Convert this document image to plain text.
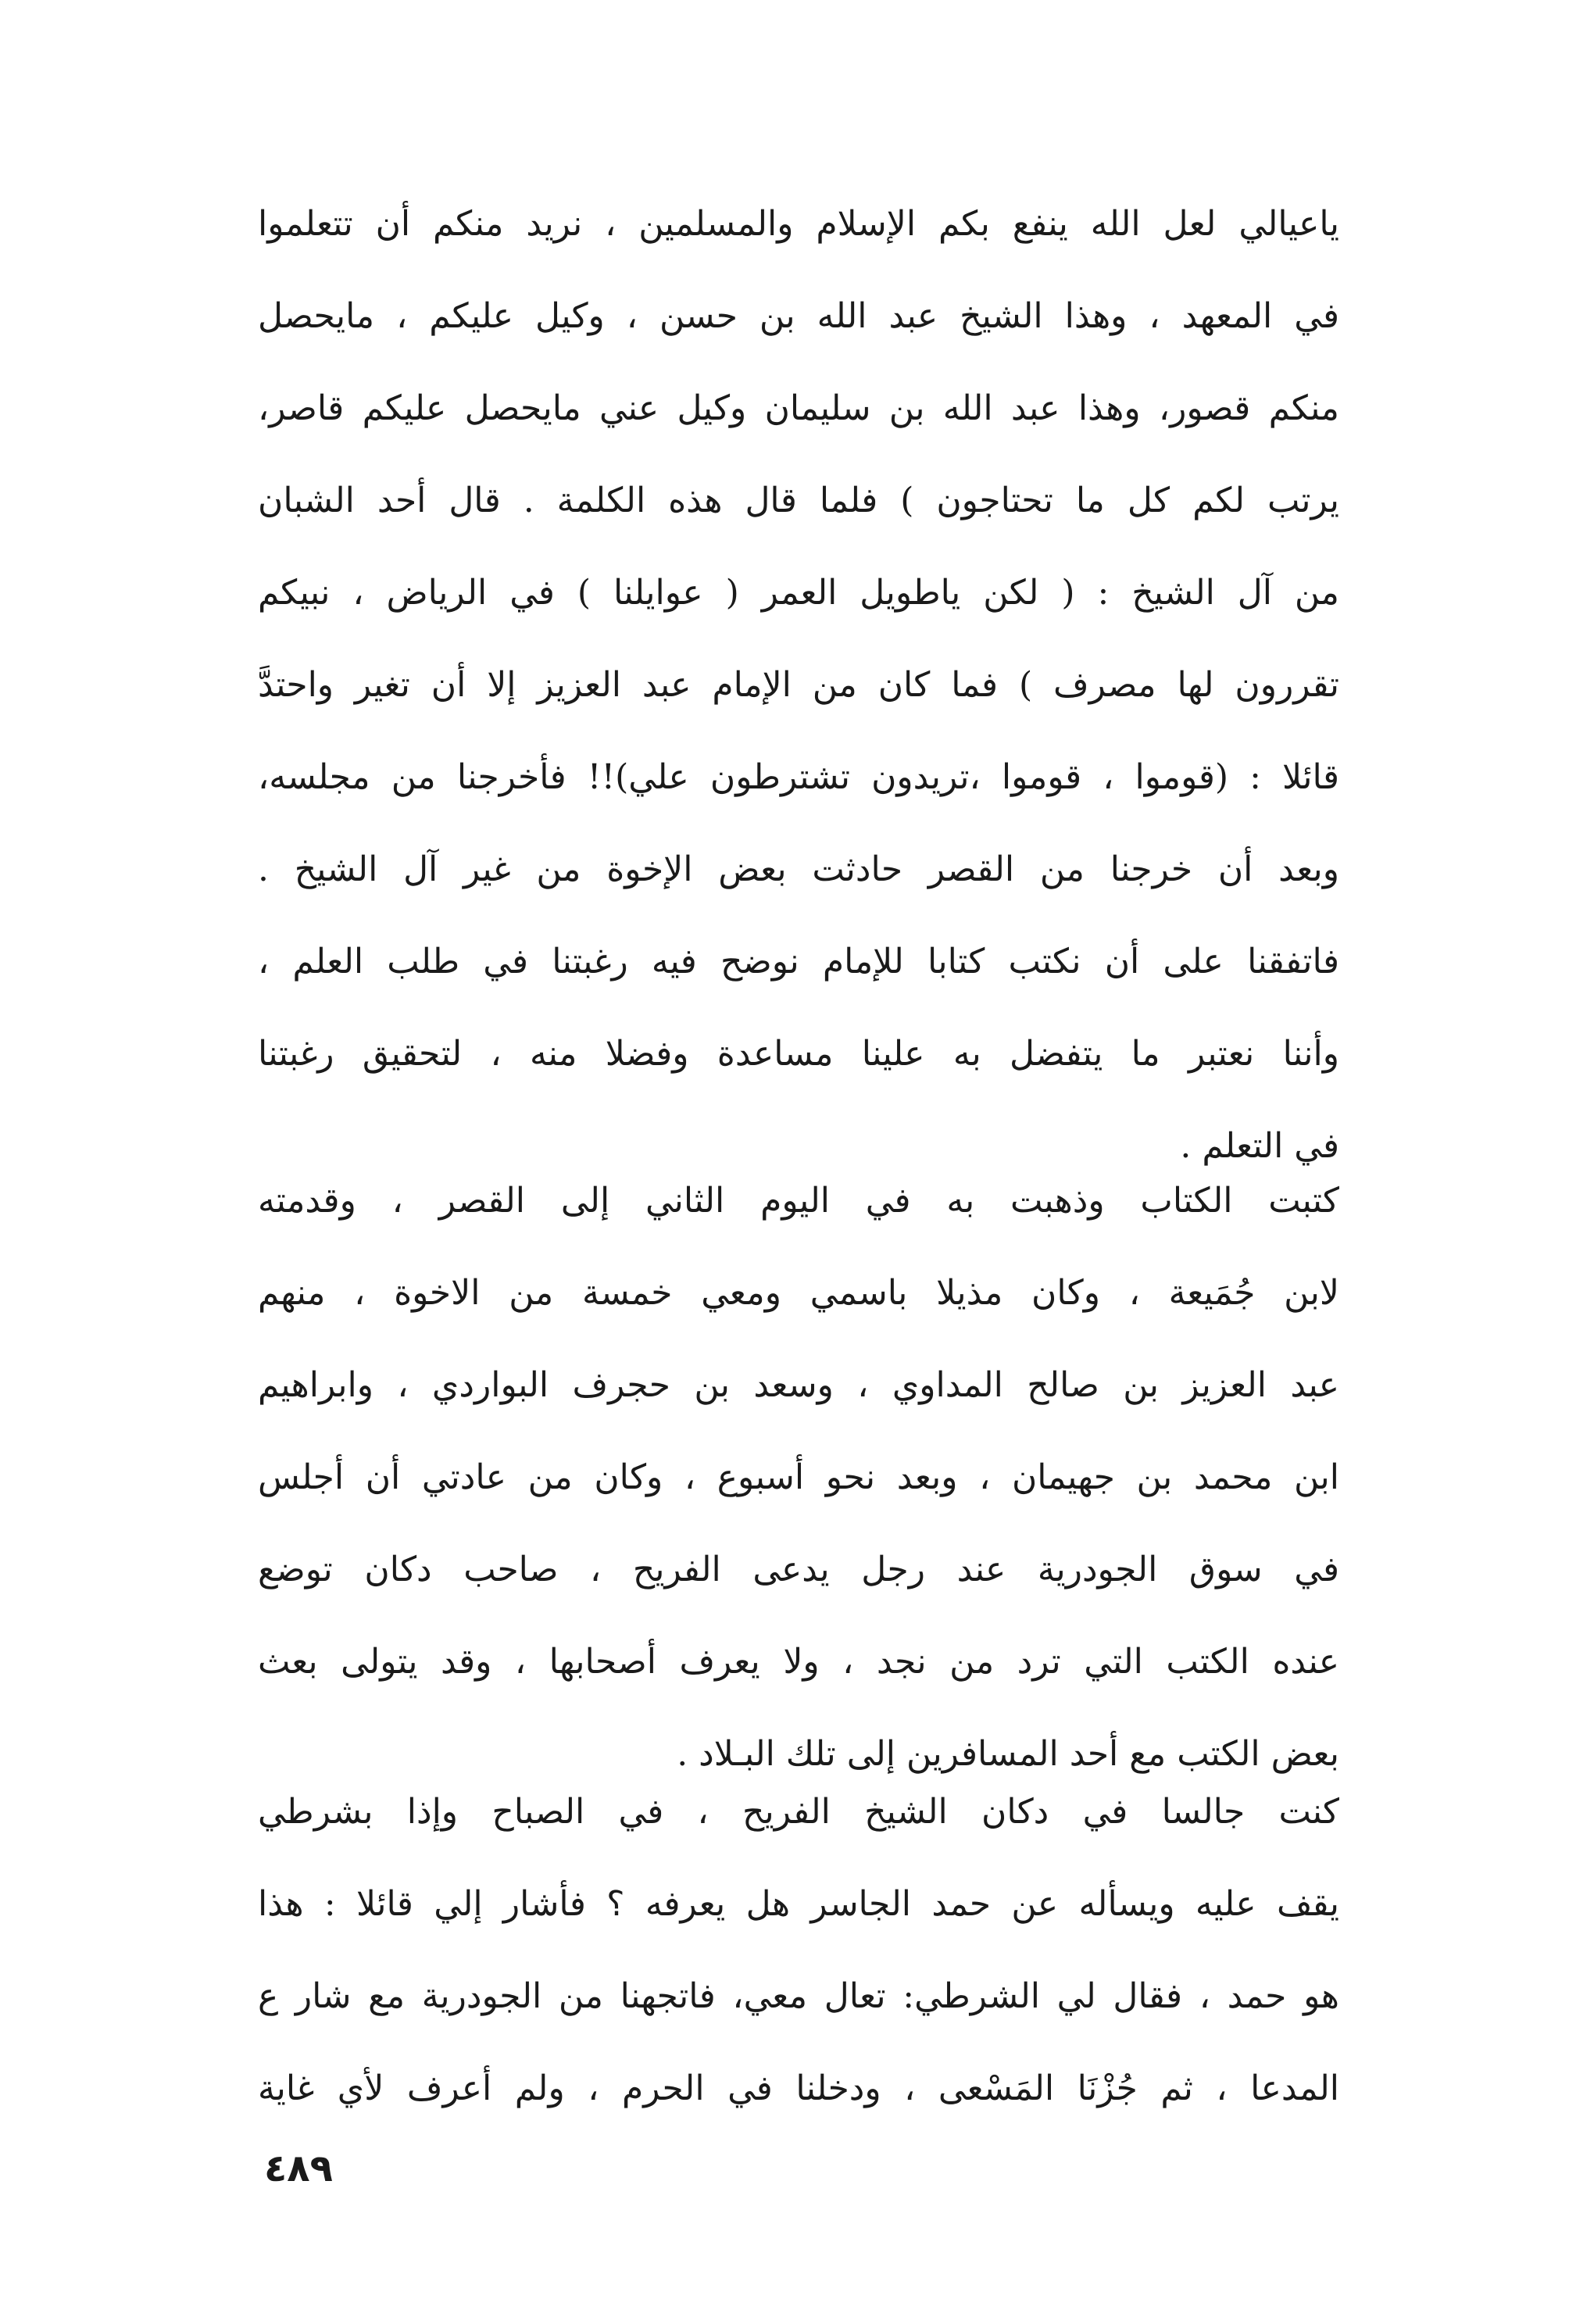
ياعيالي لعل الله ينفع بكم الإسلام والمسلمين ، نريد منكم أن تتعلموا
في المعهد ، وهذا الشيخ عبد الله بن حسن ، وكيل عليكم ، مايحصل
منكم قصور، وهذا عبد الله بن سليمان وكيل عني مايحصل عليكم قاصر،
يرتب لكم كل ما تحتاجون ) فلما قال هذه الكلمة . قال أحد الشبان
من آل الشيخ : ( لكن ياطويل العمر ( عوايلنا ) في الرياض ، نبيكم
تقررون لها مصرف ) فما كان من الإمام عبد العزيز إلا أن تغير واحتدَّ
قائلا : (قوموا ، قوموا ،تريدون تشترطون علي)!! فأخرجنا من مجلسه،
وبعد أن خرجنا من القصر حادثت بعض الإخوة من غير آل الشيخ .
فاتفقنا على أن نكتب كتابا للإمام نوضح فيه رغبتنا في طلب العلم ،
وأننا نعتبر ما يتفضل به علينا مساعدة وفضلا منه ، لتحقيق رغبتنا
في التعلم .
كتبت الكتاب وذهبت به في اليوم الثاني إلى القصر ، وقدمته
لابن جُمَيعة ، وكان مذيلا باسمي ومعي خمسة من الاخوة ، منهم
عبد العزيز بن صالح المداوي ، وسعد بن حجرف البواردي ، وابراهيم
ابن محمد بن جهيمان ، وبعد نحو أسبوع ، وكان من عادتي أن أجلس
في سوق الجودرية عند رجل يدعى الفريح ، صاحب دكان توضع
عنده الكتب التي ترد من نجد ، ولا يعرف أصحابها ، وقد يتولى بعث
بعض الكتب مع أحد المسافرين إلى تلك البـلاد .
كنت جالسا في دكان الشيخ الفريح ، في الصباح وإذا بشرطي
يقف عليه ويسأله عن حمد الجاسر هل يعرفه ؟ فأشار إلي قائلا : هذا
هو حمد ، فقال لي الشرطي: تعال معي، فاتجهنا من الجودرية مع شار ع
المدعا ، ثم جُزْنَا المَسْعى ، ودخلنا في الحرم ، ولم أعرف لأي غاية
٤٨٩
